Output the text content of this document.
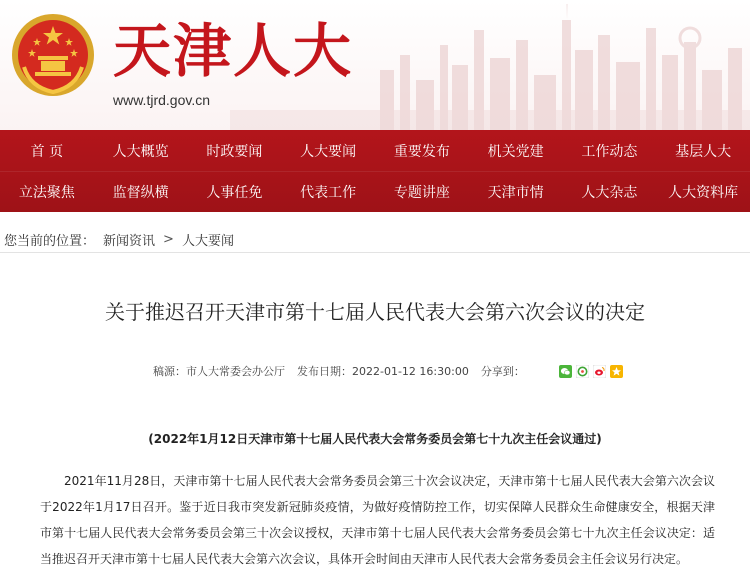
天津人大
www.tjrd.gov.cn
首 页	人大概览	时政要闻	人大要闻	重要发布	机关党建	工作动态	基层人大
立法聚焦	监督纵横	人事任免	代表工作	专题讲座	天津市情	人大杂志	人大资料库
您当前的位置： 新闻资讯 > 人大要闻
关于推迟召开天津市第十七届人民代表大会第六次会议的决定
稿源：市人大常委会办公厅 发布日期：2022-01-12 16:30:00 分享到：
(2022年1月12日天津市第十七届人民代表大会常务委员会第七十九次主任会议通过)
2021年11月28日，天津市第十七届人民代表大会常务委员会第三十次会议决定，天津市第十七届人民代表大会第六次会议于2022年1月17日召开。鉴于近日我市突发新冠肺炎疫情，为做好疫情防控工作，切实保障人民群众生命健康安全，根据天津市第十七届人民代表大会常务委员会第三十次会议授权，天津市第十七届人民代表大会常务委员会第七十九次主任会议决定：适当推迟召开天津市第十七届人民代表大会第六次会议，具体开会时间由天津市人民代表大会常务委员会主任会议另行决定。
